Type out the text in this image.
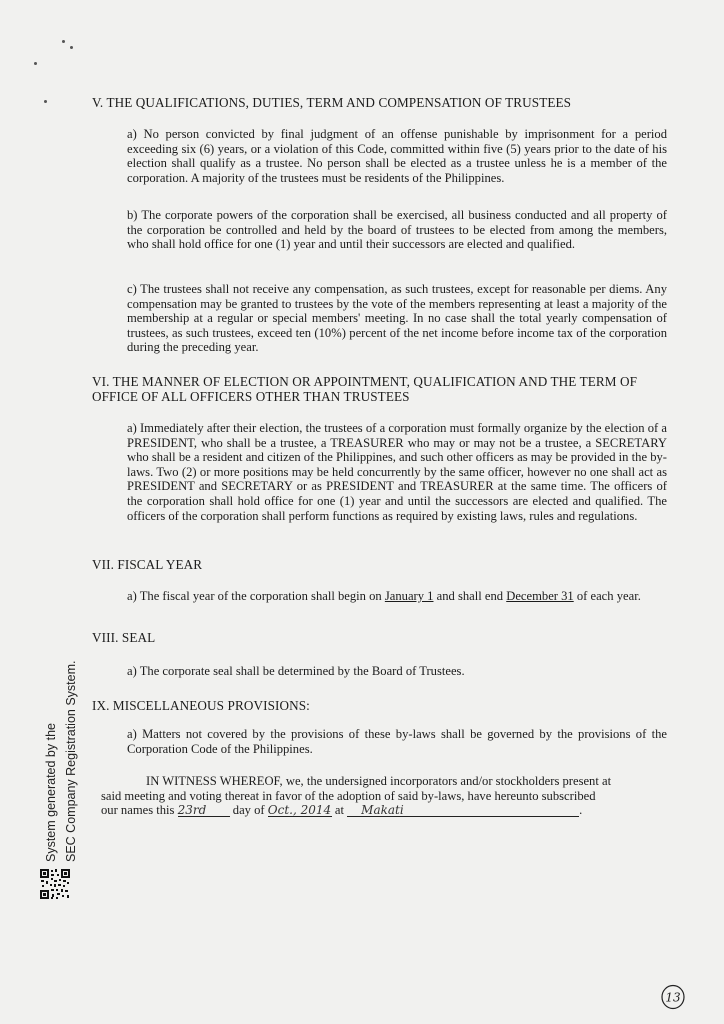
V. THE QUALIFICATIONS, DUTIES, TERM AND COMPENSATION OF TRUSTEES

a) No person convicted by final judgment of an offense punishable by imprisonment for a period exceeding six (6) years, or a violation of this Code, committed within five (5) years prior to the date of his election shall qualify as a trustee. No person shall be elected as a trustee unless he is a member of the corporation. A majority of the trustees must be residents of the Philippines.

b) The corporate powers of the corporation shall be exercised, all business conducted and all property of the corporation be controlled and held by the board of trustees to be elected from among the members, who shall hold office for one (1) year and until their successors are elected and qualified.

c) The trustees shall not receive any compensation, as such trustees, except for reasonable per diems. Any compensation may be granted to trustees by the vote of the members representing at least a majority of the membership at a regular or special members' meeting. In no case shall the total yearly compensation of trustees, as such trustees, exceed ten (10%) percent of the net income before income tax of the corporation during the preceding year.

VI. THE MANNER OF ELECTION OR APPOINTMENT, QUALIFICATION AND THE TERM OF
OFFICE OF ALL OFFICERS OTHER THAN TRUSTEES

a) Immediately after their election, the trustees of a corporation must formally organize by the election of a PRESIDENT, who shall be a trustee, a TREASURER who may or may not be a trustee, a SECRETARY who shall be a resident and citizen of the Philippines, and such other officers as may be provided in the by-laws. Two (2) or more positions may be held concurrently by the same officer, however no one shall act as PRESIDENT and SECRETARY or as PRESIDENT and TREASURER at the same time. The officers of the corporation shall hold office for one (1) year and until the successors are elected and qualified. The officers of the corporation shall perform functions as required by existing laws, rules and regulations.

VII. FISCAL YEAR

a) The fiscal year of the corporation shall begin on January 1 and shall end December 31 of each year.

VIII. SEAL

a) The corporate seal shall be determined by the Board of Trustees.

IX. MISCELLANEOUS PROVISIONS:

a) Matters not covered by the provisions of these by-laws shall be governed by the provisions of the Corporation Code of the Philippines.

IN WITNESS WHEREOF, we, the undersigned incorporators and/or stockholders present at
said meeting and voting thereat in favor of the adoption of said by-laws, have hereunto subscribed
our names this 23rd day of Oct., 2014 at Makati	.

System generated by the SEC Company Registration System.
13
